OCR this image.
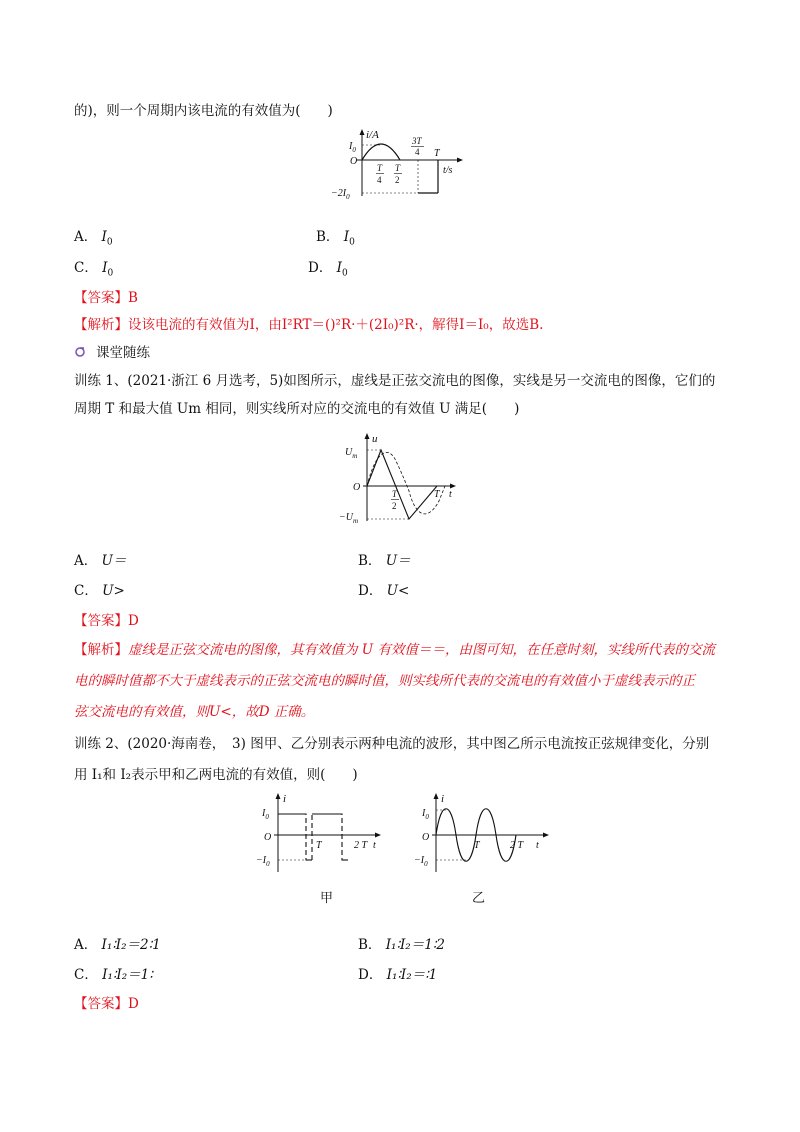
的)，则一个周期内该电流的有效值为(　　)
i/A
$I_0$
O
$-2I_0$
t/s
T
4
T
2
3T
4 T
A． $I_0$	B． $I_0$
C． $I_0$	D． $I_0$
【答案】B
【解析】设该电流的有效值为I，由I²RT＝()²R·＋(2I₀)²R·，解得I＝I₀，故选B.
课堂随练
训练 1、(2021·浙江 6 月选考，5)如图所示，虚线是正弦交流电的图像，实线是另一交流电的图像，它们的
周期 T 和最大值 Um 相同，则实线所对应的交流电的有效值 U 满足(　　)
u
$U_m$
O
$-U_m$
T
2
T t
A． U＝	B． U＝
C． U>	D． U<
【答案】D
【解析】虚线是正弦交流电的图像，其有效值为 U 有效值＝＝，由图可知，在任意时刻，实线所代表的交流
电的瞬时值都不大于虚线表示的正弦交流电的瞬时值，则实线所代表的交流电的有效值小于虚线表示的正
弦交流电的有效值，则U<，故D 正确。
训练 2、(2020·海南卷，　3) 图甲、乙分别表示两种电流的波形，其中图乙所示电流按正弦规律变化，分别
用 I₁和 I₂表示甲和乙两电流的有效值，则(　　)
i
$I_0$
O
$-I_0$
T	2 T t
甲
i
$I_0$
O
$-I_0$
T	2 T t
乙
A． I₁∶I₂＝2∶1	B． I₁∶I₂＝1∶2
C． I₁∶I₂＝1∶	D． I₁∶I₂＝∶1
【答案】D
